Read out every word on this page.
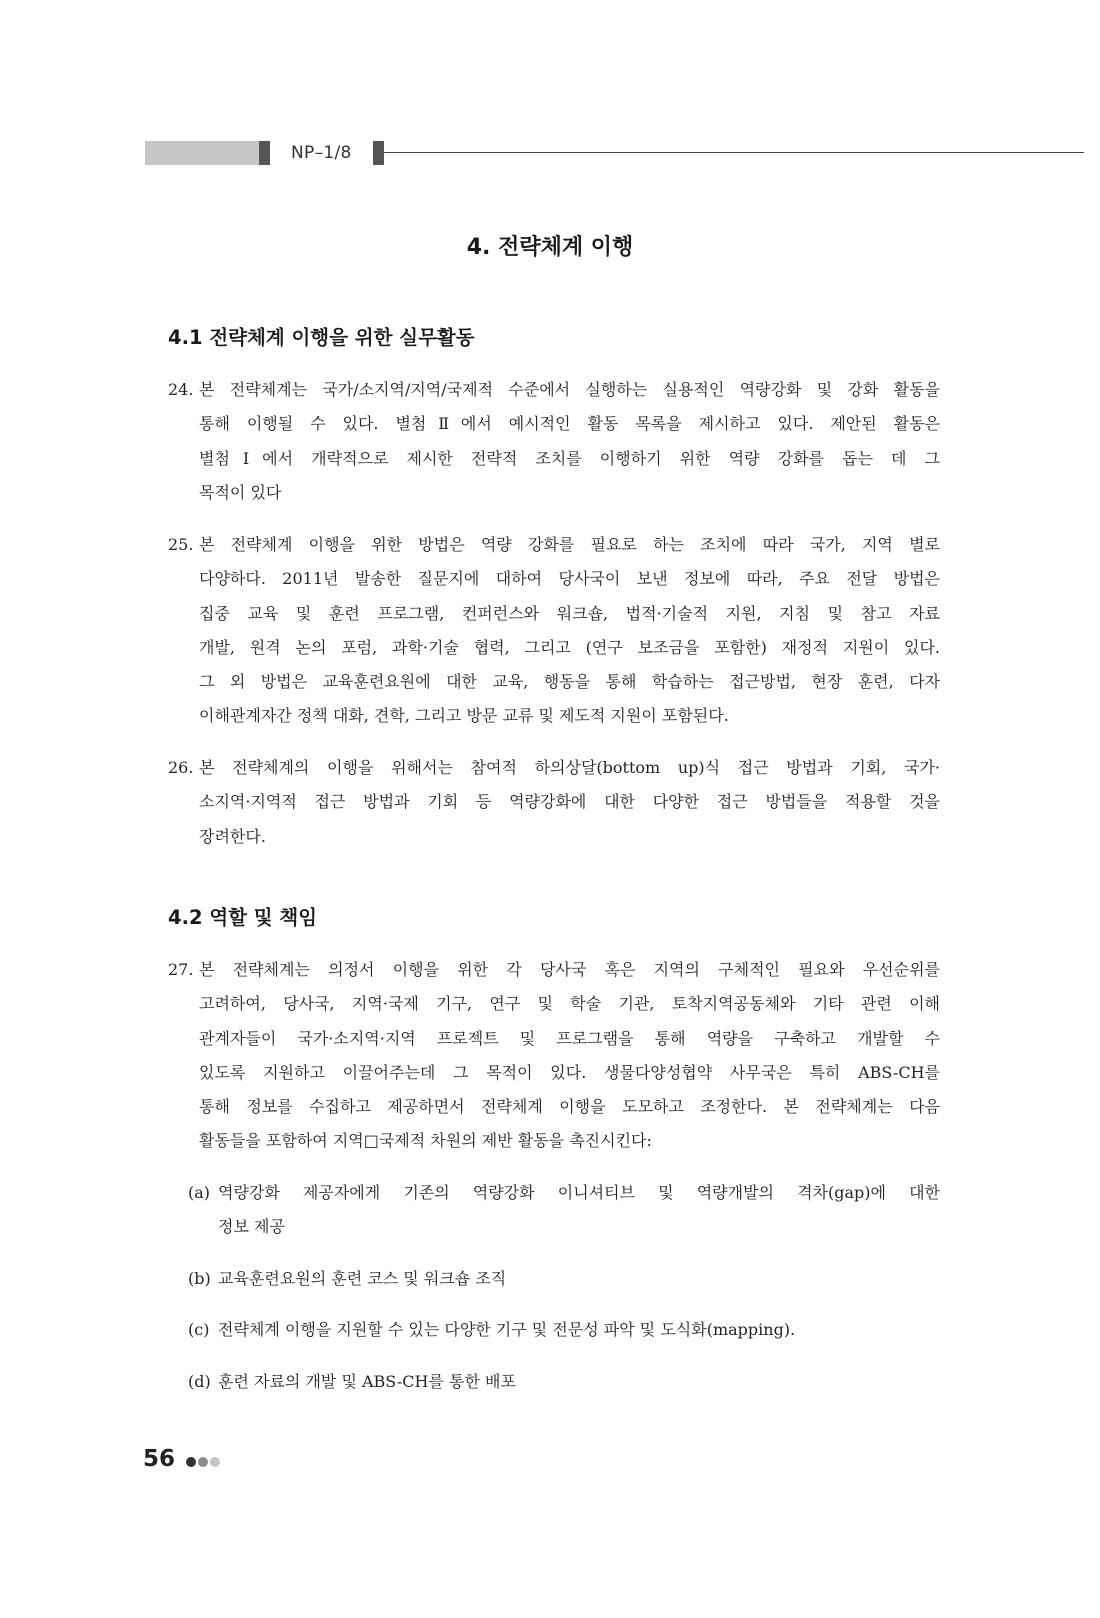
NP–1/8
4. 전략체계 이행
4.1 전략체계 이행을 위한 실무활동
24. 본 전략체계는 국가/소지역/지역/국제적 수준에서 실행하는 실용적인 역량강화 및 강화 활동을
통해 이행될 수 있다. 별첨Ⅱ에서 예시적인 활동 목록을 제시하고 있다. 제안된 활동은
별첨Ⅰ에서 개략적으로 제시한 전략적 조치를 이행하기 위한 역량 강화를 돕는 데 그
목적이 있다
25. 본 전략체계 이행을 위한 방법은 역량 강화를 필요로 하는 조치에 따라 국가, 지역 별로
다양하다. 2011년 발송한 질문지에 대하여 당사국이 보낸 정보에 따라, 주요 전달 방법은
집중 교육 및 훈련 프로그램, 컨퍼런스와 워크숍, 법적·기술적 지원, 지침 및 참고 자료
개발, 원격 논의 포럼, 과학·기술 협력, 그리고 (연구 보조금을 포함한) 재정적 지원이 있다.
그 외 방법은 교육훈련요원에 대한 교육, 행동을 통해 학습하는 접근방법, 현장 훈련, 다자
이해관계자간 정책 대화, 견학, 그리고 방문 교류 및 제도적 지원이 포함된다.
26. 본 전략체계의 이행을 위해서는 참여적 하의상달(bottom up)식 접근 방법과 기회, 국가·
소지역·지역적 접근 방법과 기회 등 역량강화에 대한 다양한 접근 방법들을 적용할 것을
장려한다.
4.2 역할 및 책임
27. 본 전략체계는 의정서 이행을 위한 각 당사국 혹은 지역의 구체적인 필요와 우선순위를
고려하여, 당사국, 지역·국제 기구, 연구 및 학술 기관, 토착지역공동체와 기타 관련 이해
관계자들이 국가·소지역·지역 프로젝트 및 프로그램을 통해 역량을 구축하고 개발할 수
있도록 지원하고 이끌어주는데 그 목적이 있다. 생물다양성협약 사무국은 특히 ABS-CH를
통해 정보를 수집하고 제공하면서 전략체계 이행을 도모하고 조정한다. 본 전략체계는 다음
활동들을 포함하여 지역□국제적 차원의 제반 활동을 촉진시킨다:
(a) 역량강화 제공자에게 기존의 역량강화 이니셔티브 및 역량개발의 격차(gap)에 대한
정보 제공
(b) 교육훈련요원의 훈련 코스 및 워크숍 조직
(c) 전략체계 이행을 지원할 수 있는 다양한 기구 및 전문성 파악 및 도식화(mapping).
(d) 훈련 자료의 개발 및 ABS-CH를 통한 배포
56
